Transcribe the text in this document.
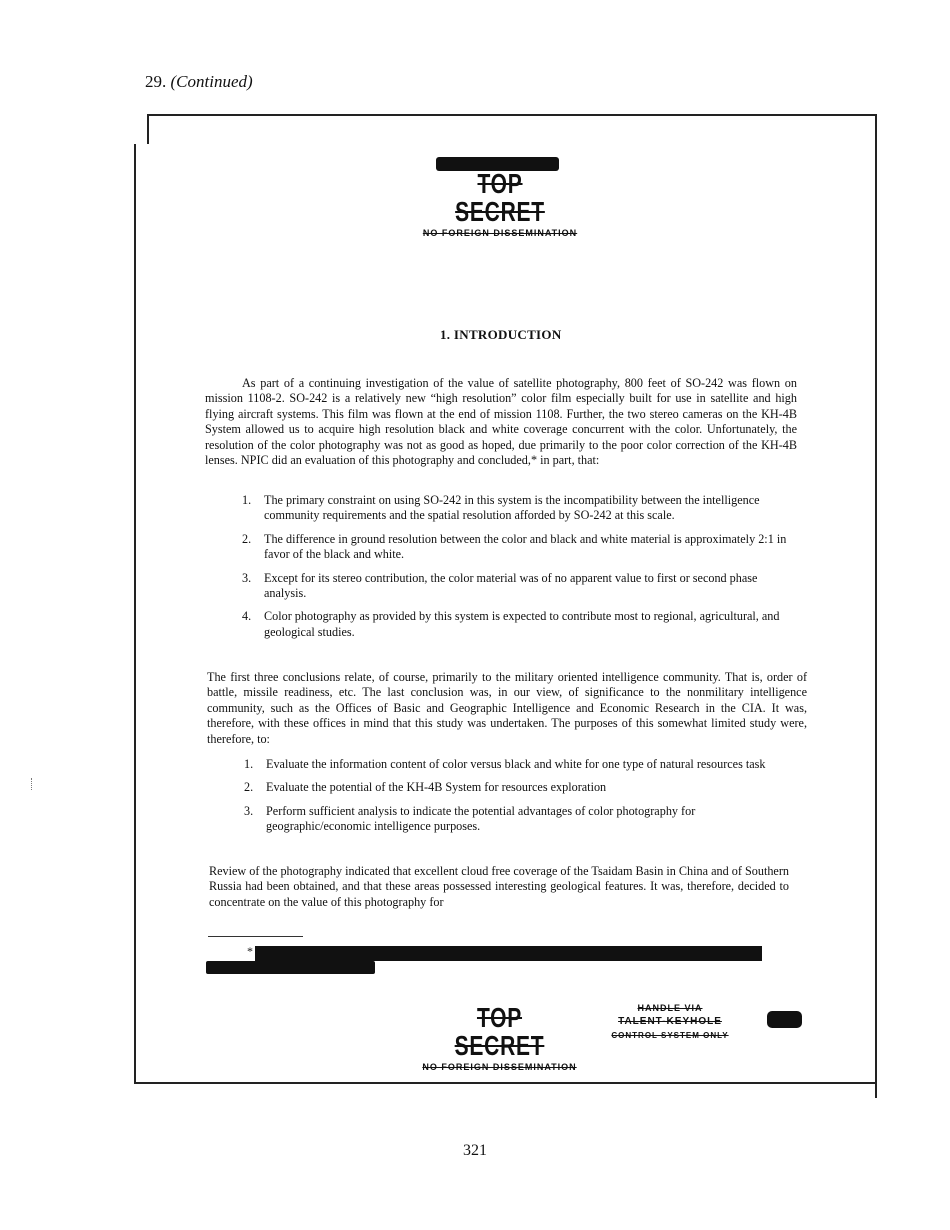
29. (Continued)
TOP SECRET
NO FOREIGN DISSEMINATION
1. INTRODUCTION

As part of a continuing investigation of the value of satellite photography, 800 feet of SO-242 was flown on mission 1108-2. SO-242 is a relatively new “high resolution” color film especially built for use in satellite and high flying aircraft systems. This film was flown at the end of mission 1108. Further, the two stereo cameras on the KH-4B System allowed us to acquire high resolution black and white coverage concurrent with the color. Unfortunately, the resolution of the color photography was not as good as hoped, due primarily to the poor color correction of the KH-4B lenses. NPIC did an evaluation of this photography and concluded,* in part, that:

1.	The primary constraint on using SO-242 in this system is the incompatibility between the intelligence community requirements and the spatial resolution afforded by SO-242 at this scale.
2.	The difference in ground resolution between the color and black and white material is approximately 2:1 in favor of the black and white.
3.	Except for its stereo contribution, the color material was of no apparent value to first or second phase analysis.
4.	Color photography as provided by this system is expected to contribute most to regional, agricultural, and geological studies.

The first three conclusions relate, of course, primarily to the military oriented intelligence community. That is, order of battle, missile readiness, etc. The last conclusion was, in our view, of significance to the nonmilitary intelligence community, such as the Offices of Basic and Geographic Intelligence and Economic Research in the CIA. It was, therefore, with these offices in mind that this study was undertaken. The purposes of this somewhat limited study were, therefore, to:

1.	Evaluate the information content of color versus black and white for one type of natural resources task
2.	Evaluate the potential of the KH-4B System for resources exploration
3.	Perform sufficient analysis to indicate the potential advantages of color photography for geographic/economic intelligence purposes.

Review of the photography indicated that excellent cloud free coverage of the Tsaidam Basin in China and of Southern Russia had been obtained, and that these areas possessed interesting geological features. It was, therefore, decided to concentrate on the value of this photography for

*
TOP SECRET
NO FOREIGN DISSEMINATION
HANDLE VIA
TALENT-KEYHOLE
CONTROL SYSTEM ONLY
321
